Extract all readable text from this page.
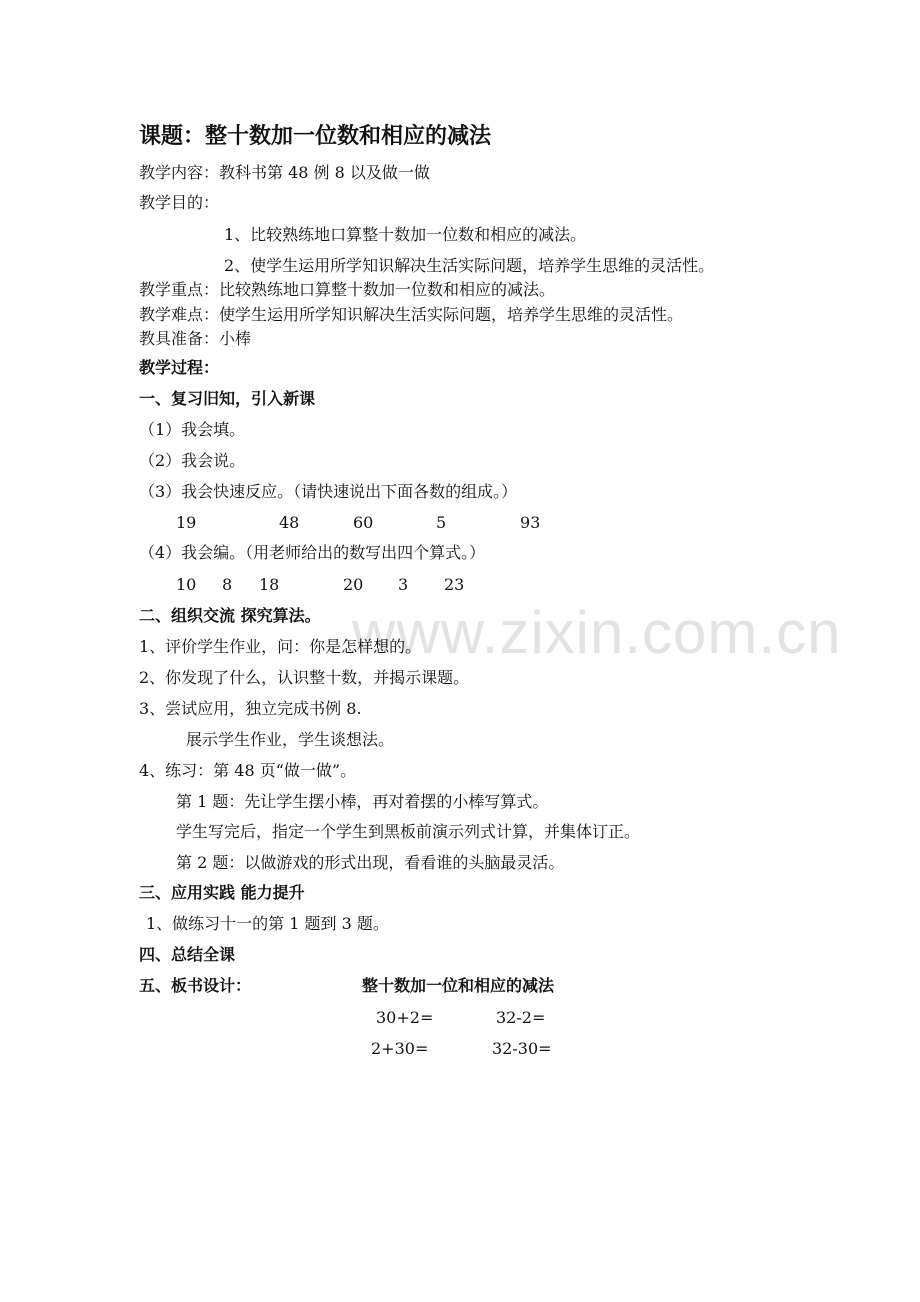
www.zixin.com.cn
课题：整十数加一位数和相应的减法
教学内容：教科书第 48 例 8 以及做一做
教学目的：
1、比较熟练地口算整十数加一位数和相应的减法。
2、使学生运用所学知识解决生活实际问题，培养学生思维的灵活性。
教学重点：比较熟练地口算整十数加一位数和相应的减法。
教学难点：使学生运用所学知识解决生活实际问题，培养学生思维的灵活性。
教具准备：小棒
教学过程：
一、复习旧知，引入新课
（1）我会填。
（2）我会说。
（3）我会快速反应。（请快速说出下面各数的组成。）
19	48	60	5	93
（4）我会编。（用老师给出的数写出四个算式。）
10 8 18	20 3 23
二、组织交流 探究算法。
1、评价学生作业，问：你是怎样想的。
2、你发现了什么，认识整十数，并揭示课题。
3、尝试应用，独立完成书例 8.
展示学生作业，学生谈想法。
4、练习：第 48 页“做一做”。
第 1 题：先让学生摆小棒，再对着摆的小棒写算式。
学生写完后，指定一个学生到黑板前演示列式计算，并集体订正。
第 2 题：以做游戏的形式出现，看看谁的头脑最灵活。
三、应用实践 能力提升
1、做练习十一的第 1 题到 3 题。
四、总结全课
五、板书设计：	整十数加一位和相应的减法
30+2=	32-2=
2+30=	32-30=
